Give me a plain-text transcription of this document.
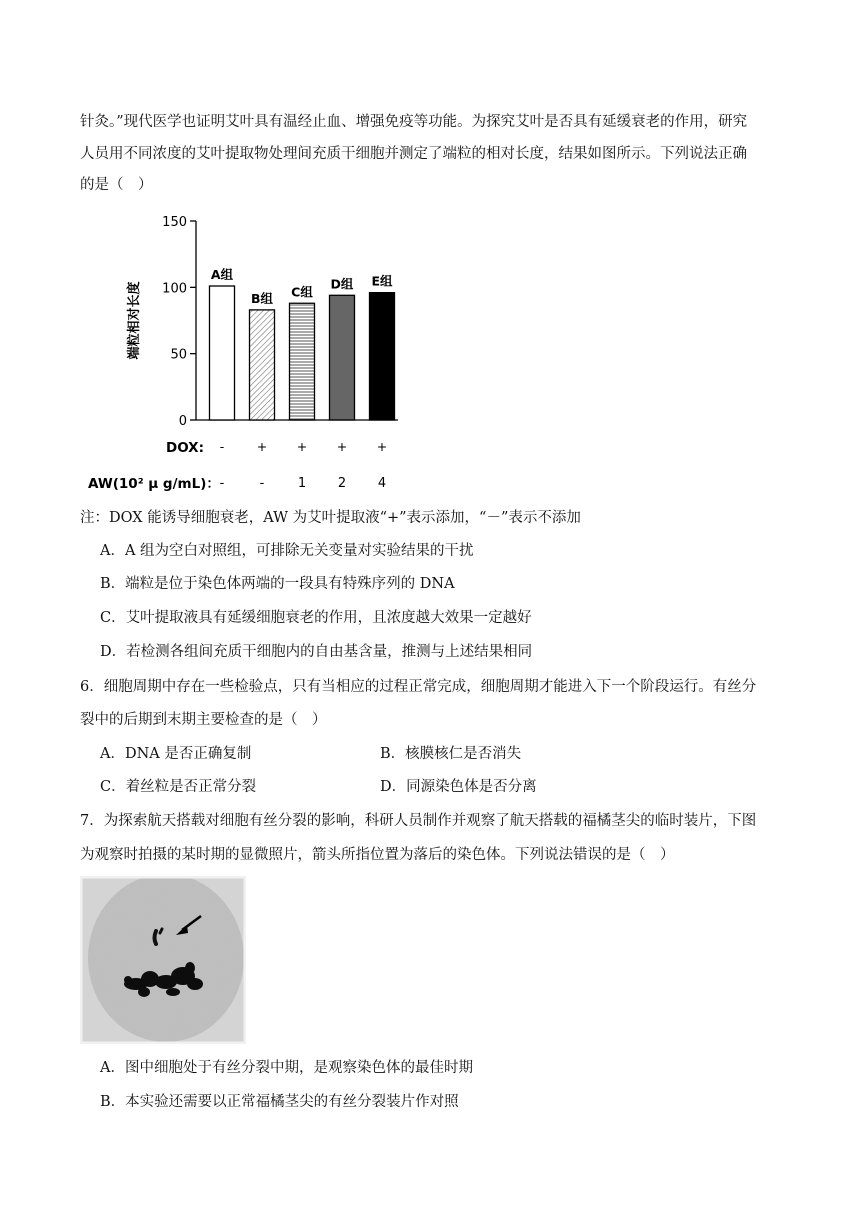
针灸。”现代医学也证明艾叶具有温经止血、增强免疫等功能。为探究艾叶是否具有延缓衰老的作用，研究
人员用不同浓度的艾叶提取物处理间充质干细胞并测定了端粒的相对长度，结果如图所示。下列说法正确
的是（　）
0
50
100
150
端粒相对长度
A组
B组 C组
D组 E组
-
-
+
-
+
1
+
2
+
4
DOX:
AW(10² μ g/mL)：
注：DOX 能诱导细胞衰老，AW 为艾叶提取液“+”表示添加，“－”表示不添加
A．A 组为空白对照组，可排除无关变量对实验结果的干扰
B．端粒是位于染色体两端的一段具有特殊序列的 DNA
C．艾叶提取液具有延缓细胞衰老的作用，且浓度越大效果一定越好
D．若检测各组间充质干细胞内的自由基含量，推测与上述结果相同
6．细胞周期中存在一些检验点，只有当相应的过程正常完成，细胞周期才能进入下一个阶段运行。有丝分
裂中的后期到末期主要检查的是（　）
A．DNA 是否正确复制	B．核膜核仁是否消失
C．着丝粒是否正常分裂	D．同源染色体是否分离
7．为探索航天搭载对细胞有丝分裂的影响，科研人员制作并观察了航天搭载的福橘茎尖的临时装片，下图
为观察时拍摄的某时期的显微照片，箭头所指位置为落后的染色体。下列说法错误的是（　）
A．图中细胞处于有丝分裂中期，是观察染色体的最佳时期
B．本实验还需要以正常福橘茎尖的有丝分裂装片作对照
